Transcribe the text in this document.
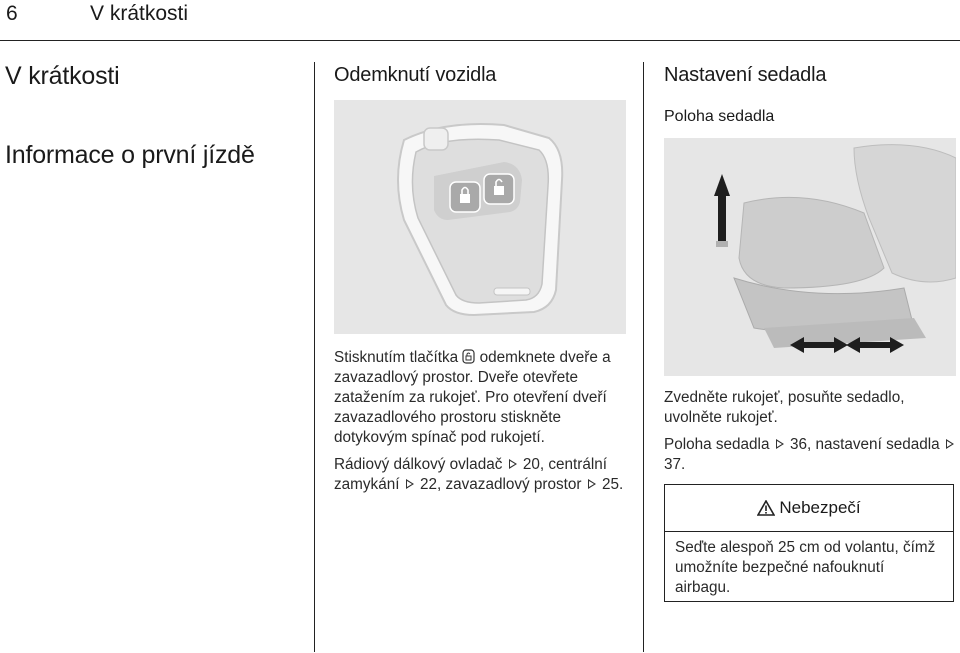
6	V krátkosti
V krátkosti
Informace o první jízdě
Odemknutí vozidla

Stisknutím tlačítka odemknete dveře a zavazadlový prostor. Dveře otevřete zatažením za rukojeť. Pro otevření dveří zavazadlového prostoru stiskněte dotykovým spínač pod rukojetí.

Rádiový dálkový ovladač 20, centrální zamykání 22, zavazadlový prostor 25.

Nastavení sedadla
Poloha sedadla

Zvedněte rukojeť, posuňte sedadlo, uvolněte rukojeť.

Poloha sedadla 36, nastavení sedadla  37.

Nebezpečí
Seďte alespoň 25 cm od volantu, čímž umožníte bezpečné nafouknutí airbagu.
